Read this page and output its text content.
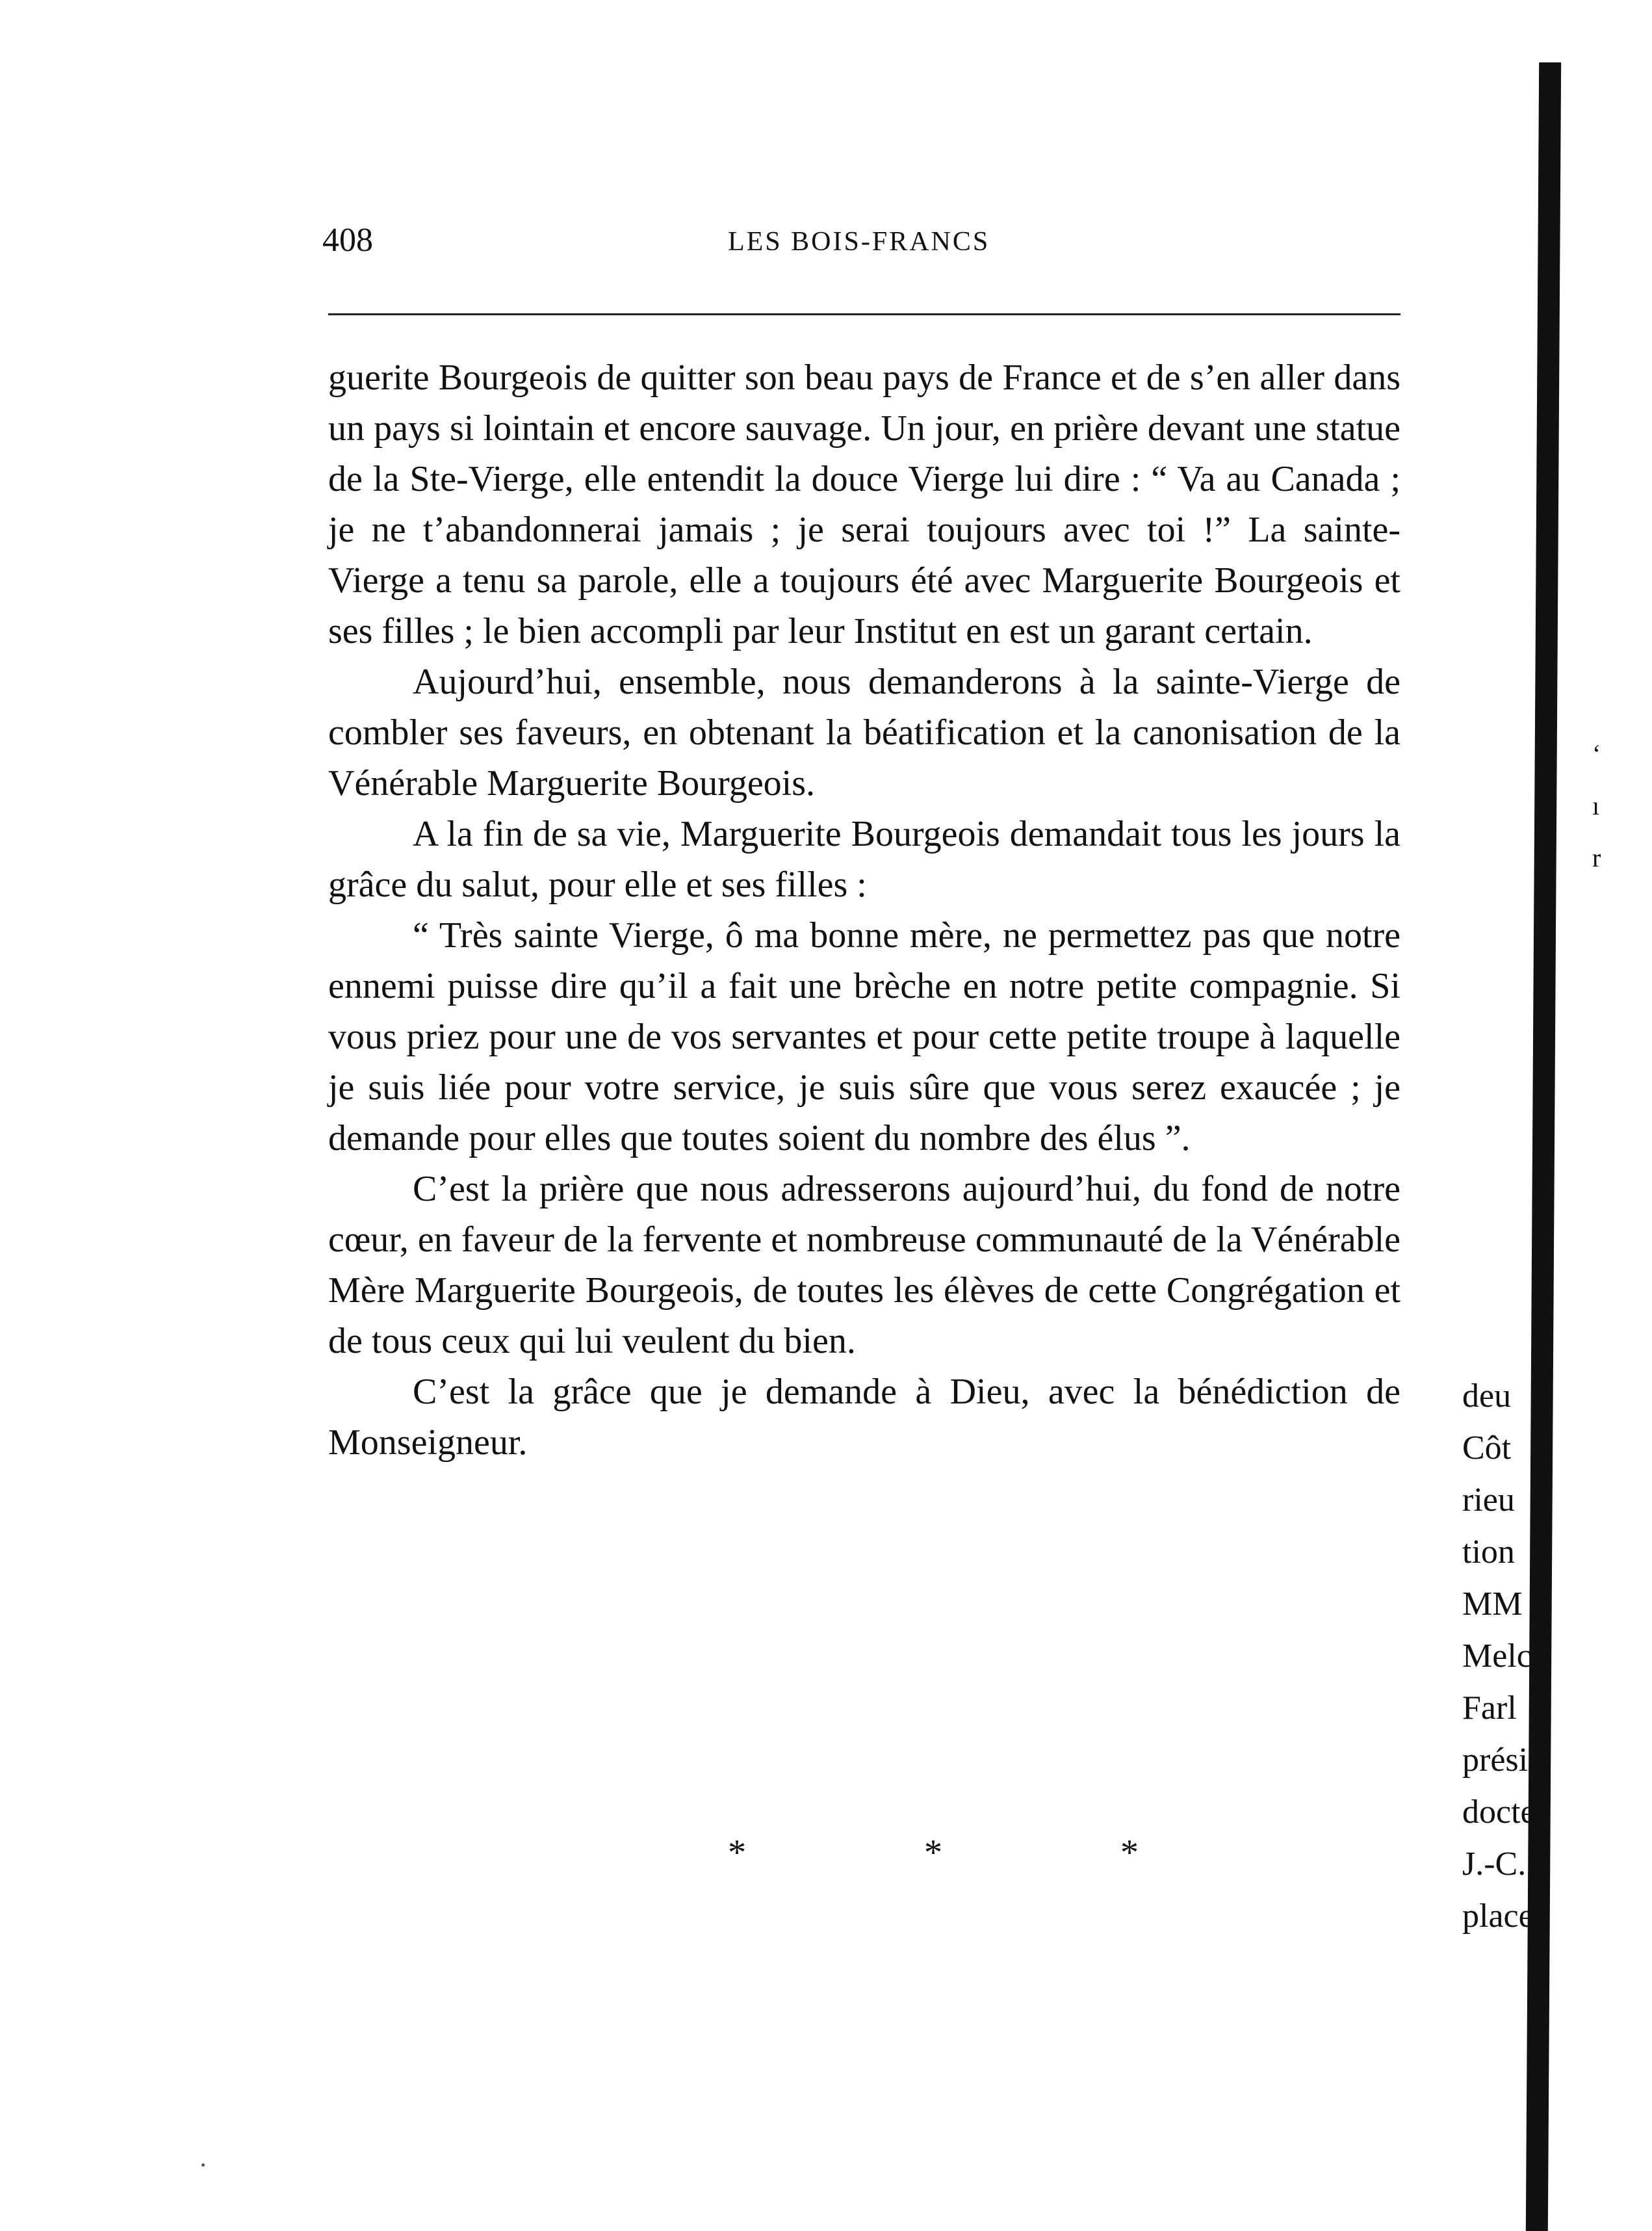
408	LES BOIS-FRANCS

guerite Bourgeois de quitter son beau pays de France et de s’en aller dans un pays si lointain et encore sauvage. Un jour, en prière devant une statue de la Ste-Vierge, elle entendit la douce Vierge lui dire : “ Va au Canada ; je ne t’abandonnerai jamais ; je serai toujours avec toi !” La sainte-Vierge a tenu sa parole, elle a toujours été avec Marguerite Bourgeois et ses filles ; le bien accompli par leur Institut en est un garant certain.

Aujourd’hui, ensemble, nous demanderons à la sainte-Vierge de combler ses faveurs, en obtenant la béatification et la canonisation de la Vénérable Marguerite Bourgeois.

A la fin de sa vie, Marguerite Bourgeois demandait tous les jours la grâce du salut, pour elle et ses filles :

“ Très sainte Vierge, ô ma bonne mère, ne permettez pas que notre ennemi puisse dire qu’il a fait une brèche en notre petite compagnie. Si vous priez pour une de vos servantes et pour cette petite troupe à laquelle je suis liée pour votre service, je suis sûre que vous serez exaucée ; je demande pour elles que toutes soient du nombre des élus ”.

C’est la prière que nous adresserons aujourd’hui, du fond de notre cœur, en faveur de la fervente et nombreuse communauté de la Vénérable Mère Marguerite Bourgeois, de toutes les élèves de cette Congrégation et de tous ceux qui lui veulent du bien.

C’est la grâce que je demande à Dieu, avec la bénédiction de Monseigneur.

* * *
‘
ı
r
deu
Côt
rieu
tion
MM
Melc
Farl
prési
docte
J.-C.
place
